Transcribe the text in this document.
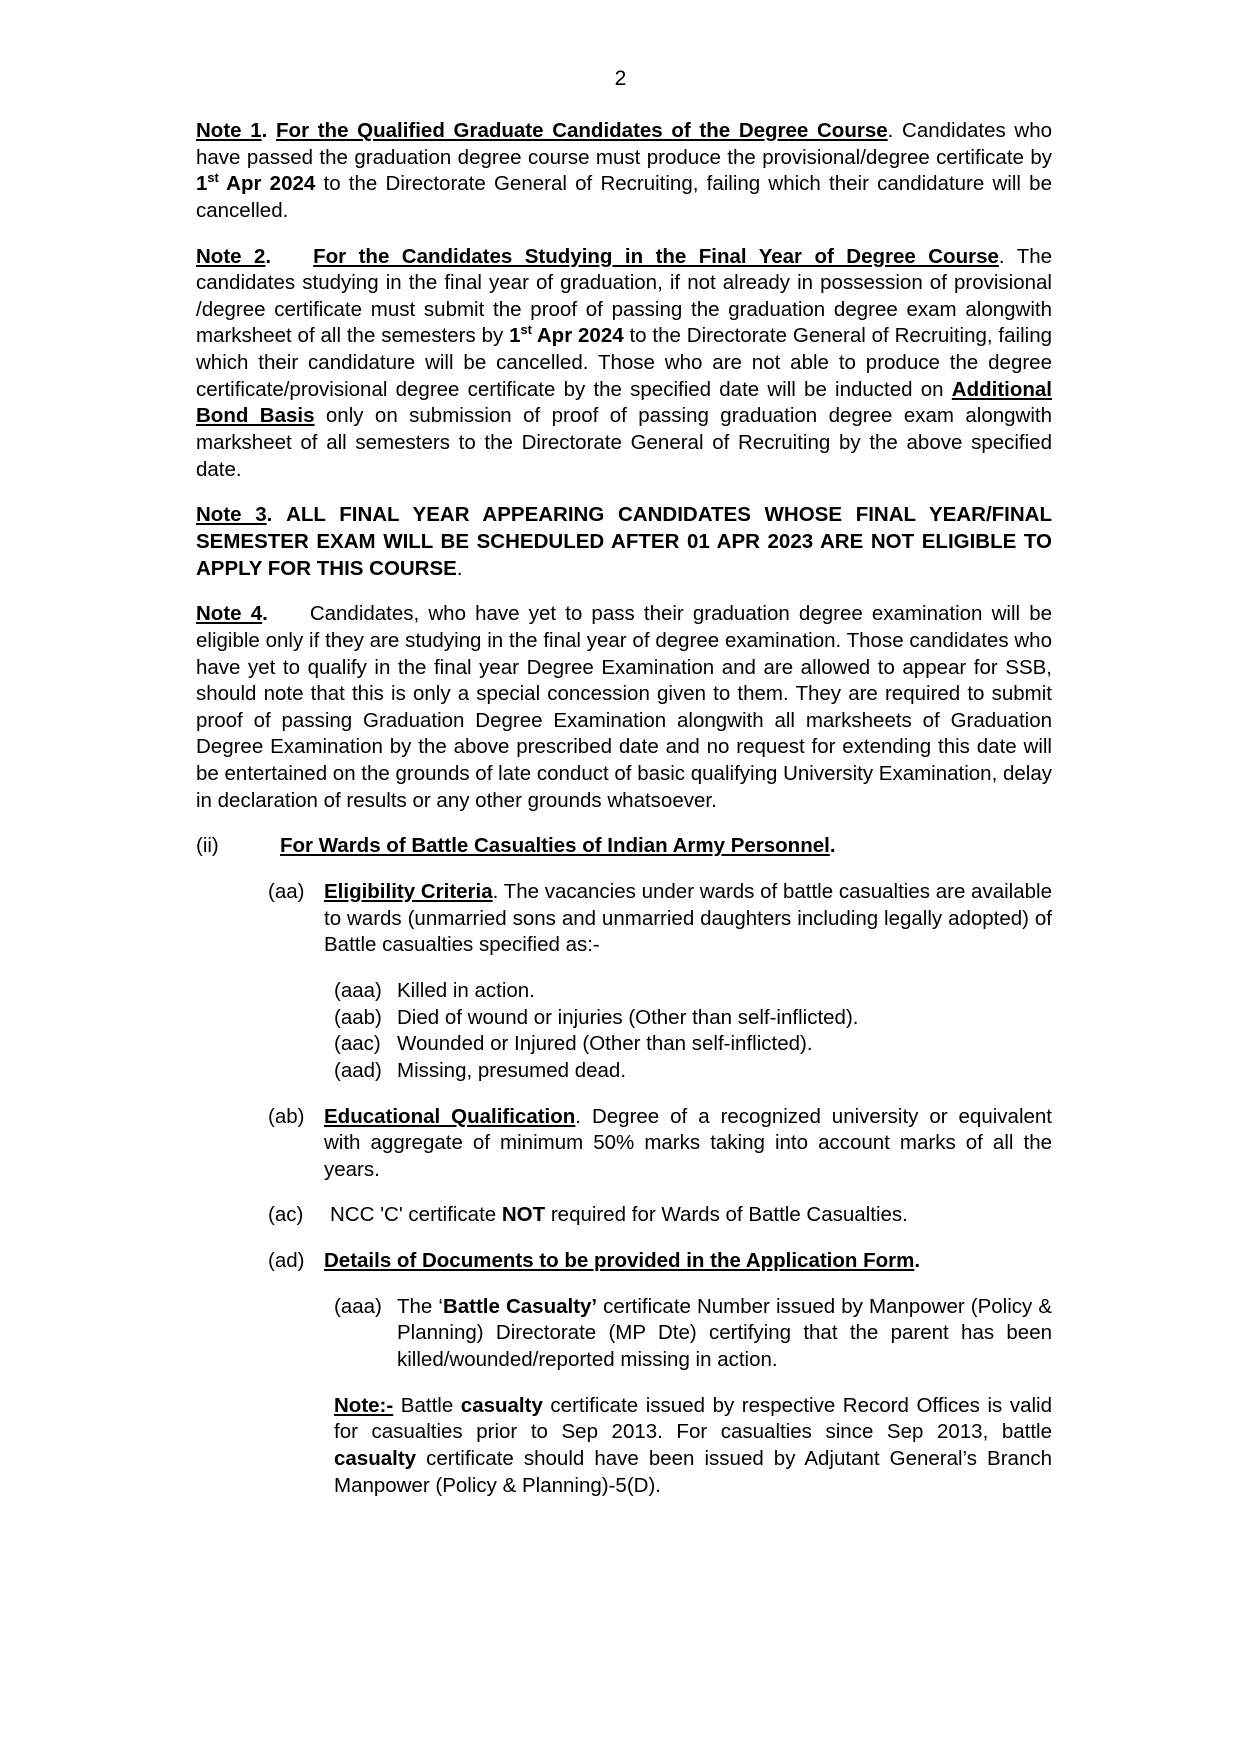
2

Note 1. For the Qualified Graduate Candidates of the Degree Course. Candidates who have passed the graduation degree course must produce the provisional/degree certificate by 1st Apr 2024 to the Directorate General of Recruiting, failing which their candidature will be cancelled.

Note 2. For the Candidates Studying in the Final Year of Degree Course. The candidates studying in the final year of graduation, if not already in possession of provisional /degree certificate must submit the proof of passing the graduation degree exam alongwith marksheet of all the semesters by 1st Apr 2024 to the Directorate General of Recruiting, failing which their candidature will be cancelled. Those who are not able to produce the degree certificate/provisional degree certificate by the specified date will be inducted on Additional Bond Basis only on submission of proof of passing graduation degree exam alongwith marksheet of all semesters to the Directorate General of Recruiting by the above specified date.

Note 3. ALL FINAL YEAR APPEARING CANDIDATES WHOSE FINAL YEAR/FINAL SEMESTER EXAM WILL BE SCHEDULED AFTER 01 APR 2023 ARE NOT ELIGIBLE TO APPLY FOR THIS COURSE.

Note 4. Candidates, who have yet to pass their graduation degree examination will be eligible only if they are studying in the final year of degree examination. Those candidates who have yet to qualify in the final year Degree Examination and are allowed to appear for SSB, should note that this is only a special concession given to them. They are required to submit proof of passing Graduation Degree Examination alongwith all marksheets of Graduation Degree Examination by the above prescribed date and no request for extending this date will be entertained on the grounds of late conduct of basic qualifying University Examination, delay in declaration of results or any other grounds whatsoever.

(ii)	For Wards of Battle Casualties of Indian Army Personnel.
(aa) Eligibility Criteria. The vacancies under wards of battle casualties are available to wards (unmarried sons and unmarried daughters including legally adopted) of Battle casualties specified as:-
(aaa) Killed in action.
(aab) Died of wound or injuries (Other than self-inflicted).
(aac) Wounded or Injured (Other than self-inflicted).
(aad) Missing, presumed dead.
(ab) Educational Qualification. Degree of a recognized university or equivalent with aggregate of minimum 50% marks taking into account marks of all the years.
(ac)	NCC 'C' certificate NOT required for Wards of Battle Casualties.
(ad) Details of Documents to be provided in the Application Form.
(aaa) The ‘Battle Casualty’ certificate Number issued by Manpower (Policy & Planning) Directorate (MP Dte) certifying that the parent has been killed/wounded/reported missing in action.
Note:- Battle casualty certificate issued by respective Record Offices is valid for casualties prior to Sep 2013. For casualties since Sep 2013, battle casualty certificate should have been issued by Adjutant General’s Branch Manpower (Policy & Planning)-5(D).
